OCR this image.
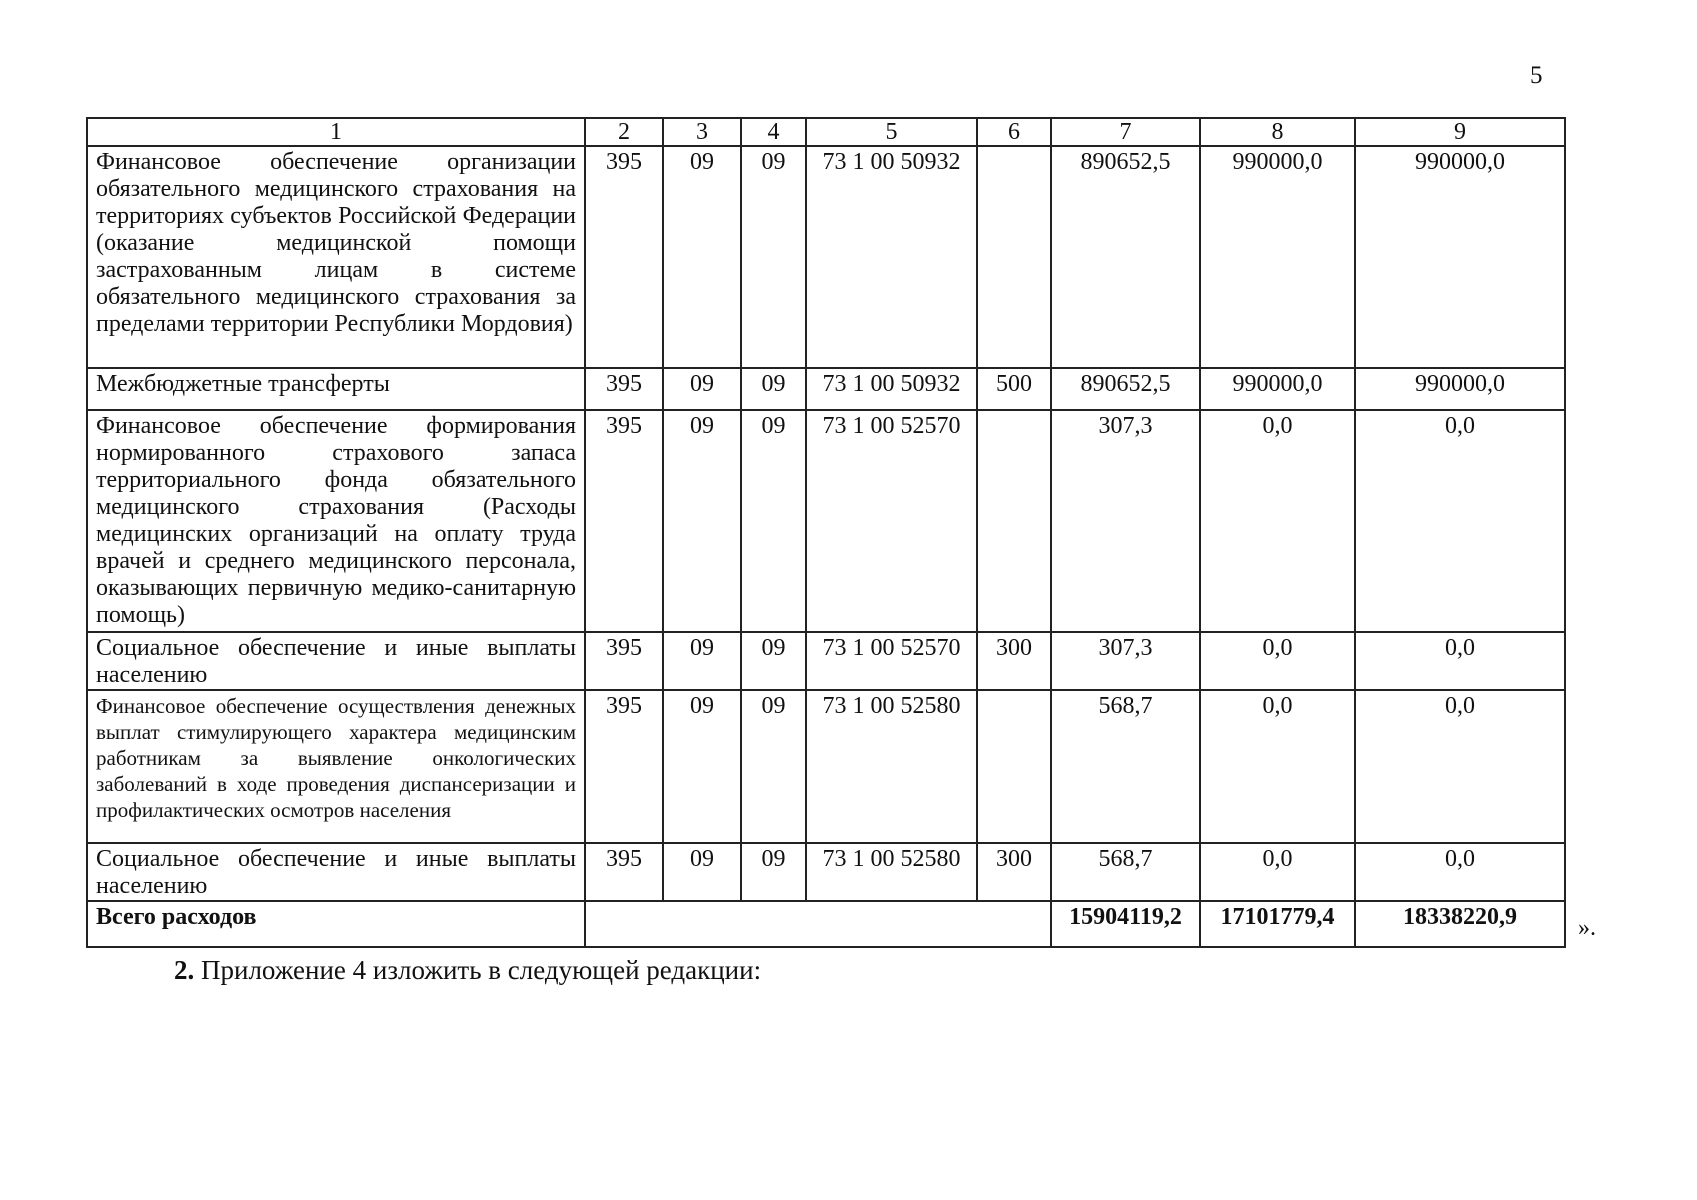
5
1	2	3	4	5	6	7	8	9
Финансовое обеспечение организации обязательного медицинского страхования на территориях субъектов Российской Федерации (оказание медицинской помощи застрахованным лицам в системе обязательного медицинского страхования за пределами территории Республики Мордовия)	395	09	09	73 1 00 50932		890652,5	990000,0	990000,0
Межбюджетные трансферты	395	09	09	73 1 00 50932	500	890652,5	990000,0	990000,0
Финансовое обеспечение формирования нормированного страхового запаса территориального фонда обязательного медицинского страхования (Расходы медицинских организаций на оплату труда врачей и среднего медицинского персонала, оказывающих первичную медико-санитарную помощь)	395	09	09	73 1 00 52570		307,3	0,0	0,0
Социальное обеспечение и иные выплаты населению	395	09	09	73 1 00 52570	300	307,3	0,0	0,0
Финансовое обеспечение осуществления денежных выплат стимулирующего характера медицинским работникам за выявление онкологических заболеваний в ходе проведения диспансеризации и профилактических осмотров населения	395	09	09	73 1 00 52580		568,7	0,0	0,0
Социальное обеспечение и иные выплаты населению	395	09	09	73 1 00 52580	300	568,7	0,0	0,0
Всего расходов						15904119,2	17101779,4	18338220,9	».
2. Приложение 4 изложить в следующей редакции:
